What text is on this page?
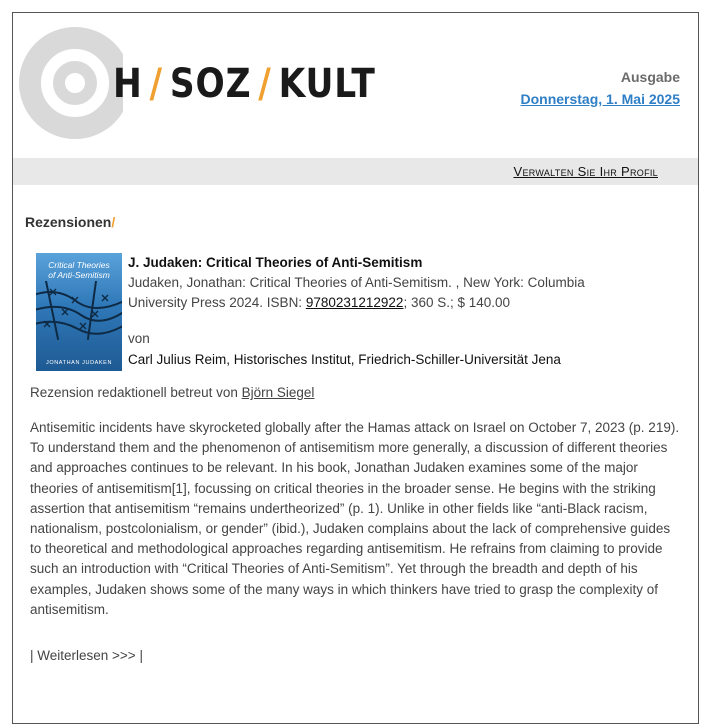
H / SOZ / KULT	Ausgabe
Donnerstag, 1. Mai 2025
Verwalten Sie Ihr Profil
Rezensionen/
Critical Theories
of Anti-Semitism
JONATHAN JUDAKEN
J. Judaken: Critical Theories of Anti-Semitism
Judaken, Jonathan: Critical Theories of Anti-Semitism. , New York: Columbia University Press 2024. ISBN: 9780231212922; 360 S.; $ 140.00
von
Carl Julius Reim, Historisches Institut, Friedrich-Schiller-Universität Jena
Rezension redaktionell betreut von Björn Siegel
Antisemitic incidents have skyrocketed globally after the Hamas attack on Israel on October 7, 2023 (p. 219). To understand them and the phenomenon of antisemitism more generally, a discussion of different theories and approaches continues to be relevant. In his book, Jonathan Judaken examines some of the major theories of antisemitism[1], focussing on critical theories in the broader sense. He begins with the striking assertion that antisemitism “remains undertheorized” (p. 1). Unlike in other fields like “anti-Black racism, nationalism, postcolonialism, or gender” (ibid.), Judaken complains about the lack of comprehensive guides to theoretical and methodological approaches regarding antisemitism. He refrains from claiming to provide such an introduction with “Critical Theories of Anti-Semitism”. Yet through the breadth and depth of his examples, Judaken shows some of the many ways in which thinkers have tried to grasp the complexity of antisemitism.
| Weiterlesen >>> |
